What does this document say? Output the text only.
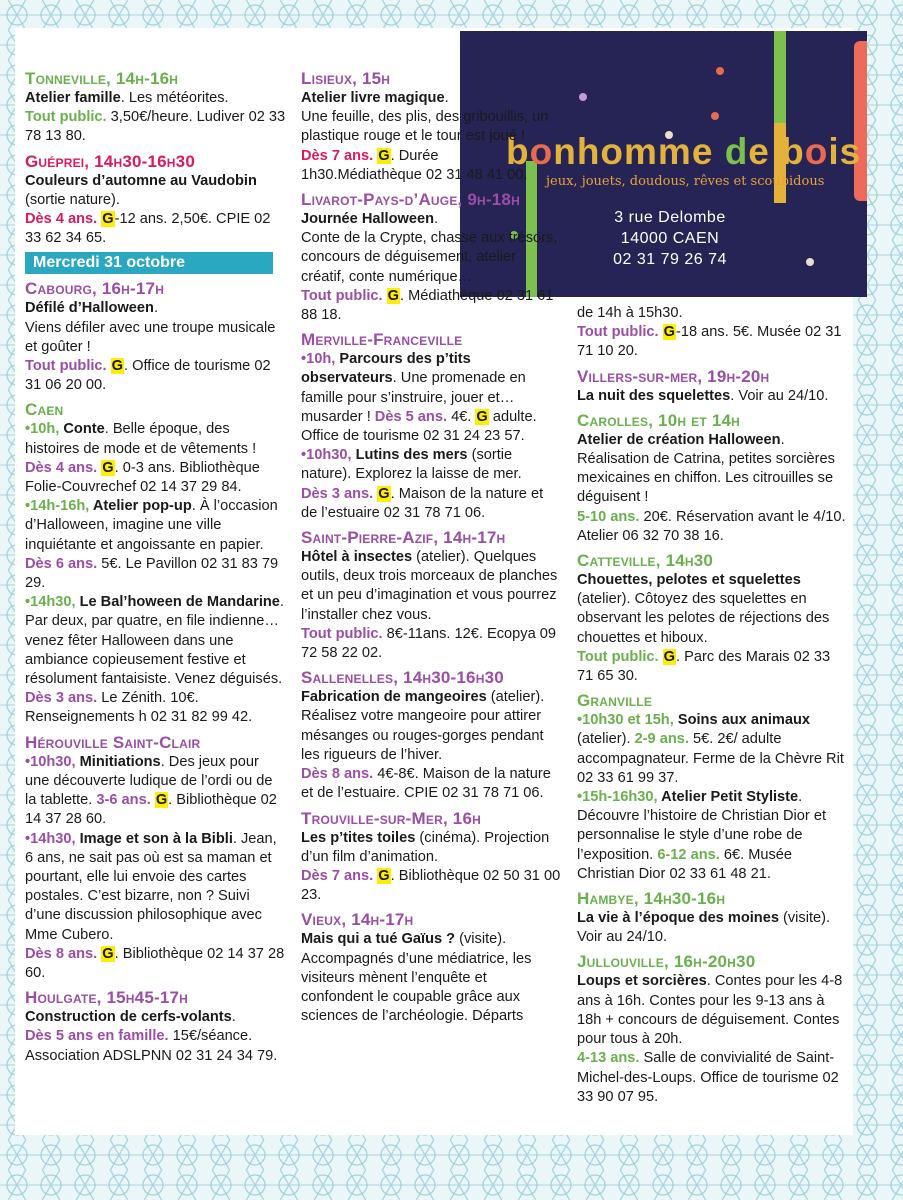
bonhomme de bois
jeux, jouets, doudous, rêves et scoubidous
3 rue Delombe
14000 CAEN
02 31 79 26 74
Tonneville, 14h-16h

Atelier famille. Les météorites.
Tout public. 3,50€/heure. Ludiver 02 33 78 13 80.

Guéprei, 14h30-16h30

Couleurs d’automne au Vaudobin
(sortie nature).
Dès 4 ans. G-12 ans. 2,50€. CPIE 02 33 62 34 65.

Mercredi 31 octobre
Cabourg, 16h-17h

Défilé d’Halloween.
Viens défiler avec une troupe musicale et goûter !
Tout public. G. Office de tourisme 02 31 06 20 00.

Caen

•10h, Conte. Belle époque, des histoires de mode et de vêtements !
Dès 4 ans. G. 0-3 ans. Bibliothèque Folie-Couvrechef 02 14 37 29 84.

•14h-16h, Atelier pop-up. À l’occasion d’Halloween, imagine une ville inquiétante et angoissante en papier. Dès 6 ans. 5€. Le Pavillon 02 31 83 79 29.

•14h30, Le Bal’hoween de Mandarine. Par deux, par quatre, en file indienne… venez fêter Halloween dans une ambiance copieusement festive et résolument fantaisiste. Venez déguisés.
Dès 3 ans. Le Zénith. 10€. Renseignements h 02 31 82 99 42.

Hérouville Saint-Clair

•10h30, Minitiations. Des jeux pour une découverte ludique de l’ordi ou de la tablette. 3-6 ans. G. Bibliothèque 02 14 37 28 60.

•14h30, Image et son à la Bibli. Jean, 6 ans, ne sait pas où est sa maman et pourtant, elle lui envoie des cartes postales. C’est bizarre, non ? Suivi d’une discussion philosophique avec Mme Cubero.
Dès 8 ans. G. Bibliothèque 02 14 37 28 60.

Houlgate, 15h45-17h

Construction de cerfs-volants.
Dès 5 ans en famille. 15€/séance. Association ADSLPNN 02 31 24 34 79.

Lisieux, 15h

Atelier livre magique.
Une feuille, des plis, des gribouillis, un plastique rouge et le tour est joué !
Dès 7 ans. G. Durée 1h30.Médiathèque 02 31 48 41 00.

Livarot-Pays-d’Auge, 9h-18h

Journée Halloween.
Conte de la Crypte, chasse aux trésors, concours de déguisement, atelier créatif, conte numérique…
Tout public. G. Médiathèque 02 31 61 88 18.

Merville-Franceville

•10h, Parcours des p’tits observateurs. Une promenade en famille pour s’instruire, jouer et… musarder ! Dès 5 ans. 4€. G adulte. Office de tourisme 02 31 24 23 57.

•10h30, Lutins des mers (sortie nature). Explorez la laisse de mer.
Dès 3 ans. G. Maison de la nature et de l’estuaire 02 31 78 71 06.

Saint-Pierre-Azif, 14h-17h

Hôtel à insectes (atelier). Quelques outils, deux trois morceaux de planches et un peu d’imagination et vous pourrez l’installer chez vous.
Tout public. 8€-11ans. 12€. Ecopya 09 72 58 22 02.

Sallenelles, 14h30-16h30

Fabrication de mangeoires (atelier). Réalisez votre mangeoire pour attirer mésanges ou rouges-gorges pendant les rigueurs de l’hiver.
Dès 8 ans. 4€-8€. Maison de la nature et de l’estuaire. CPIE 02 31 78 71 06.

Trouville-sur-Mer, 16h

Les p’tites toiles (cinéma). Projection d’un film d’animation.
Dès 7 ans. G. Bibliothèque 02 50 31 00 23.

Vieux, 14h-17h

Mais qui a tué Gaïus ? (visite). Accompagnés d’une médiatrice, les visiteurs mènent l’enquête et confondent le coupable grâce aux sciences de l’archéologie. Départs

de 14h à 15h30.
Tout public. G-18 ans. 5€. Musée 02 31 71 10 20.

Villers-sur-mer, 19h-20h

La nuit des squelettes. Voir au 24/10.

Carolles, 10h et 14h

Atelier de création Halloween. Réalisation de Catrina, petites sorcières mexicaines en chiffon. Les citrouilles se déguisent !
5-10 ans. 20€. Réservation avant le 4/10. Atelier 06 32 70 38 16.

Catteville, 14h30

Chouettes, pelotes et squelettes (atelier). Côtoyez des squelettes en observant les pelotes de réjections des chouettes et hiboux.
Tout public. G. Parc des Marais 02 33 71 65 30.

Granville

•10h30 et 15h, Soins aux animaux (atelier). 2-9 ans. 5€. 2€/ adulte accompagnateur. Ferme de la Chèvre Rit 02 33 61 99 37.

•15h-16h30, Atelier Petit Styliste. Découvre l’histoire de Christian Dior et personnalise le style d’une robe de l’exposition. 6-12 ans. 6€. Musée Christian Dior 02 33 61 48 21.

Hambye, 14h30-16h

La vie à l’époque des moines (visite). Voir au 24/10.

Jullouville, 16h-20h30

Loups et sorcières. Contes pour les 4-8 ans à 16h. Contes pour les 9-13 ans à 18h + concours de déguisement. Contes pour tous à 20h.
4-13 ans. Salle de convivialité de Saint-Michel-des-Loups. Office de tourisme 02 33 90 07 95.
